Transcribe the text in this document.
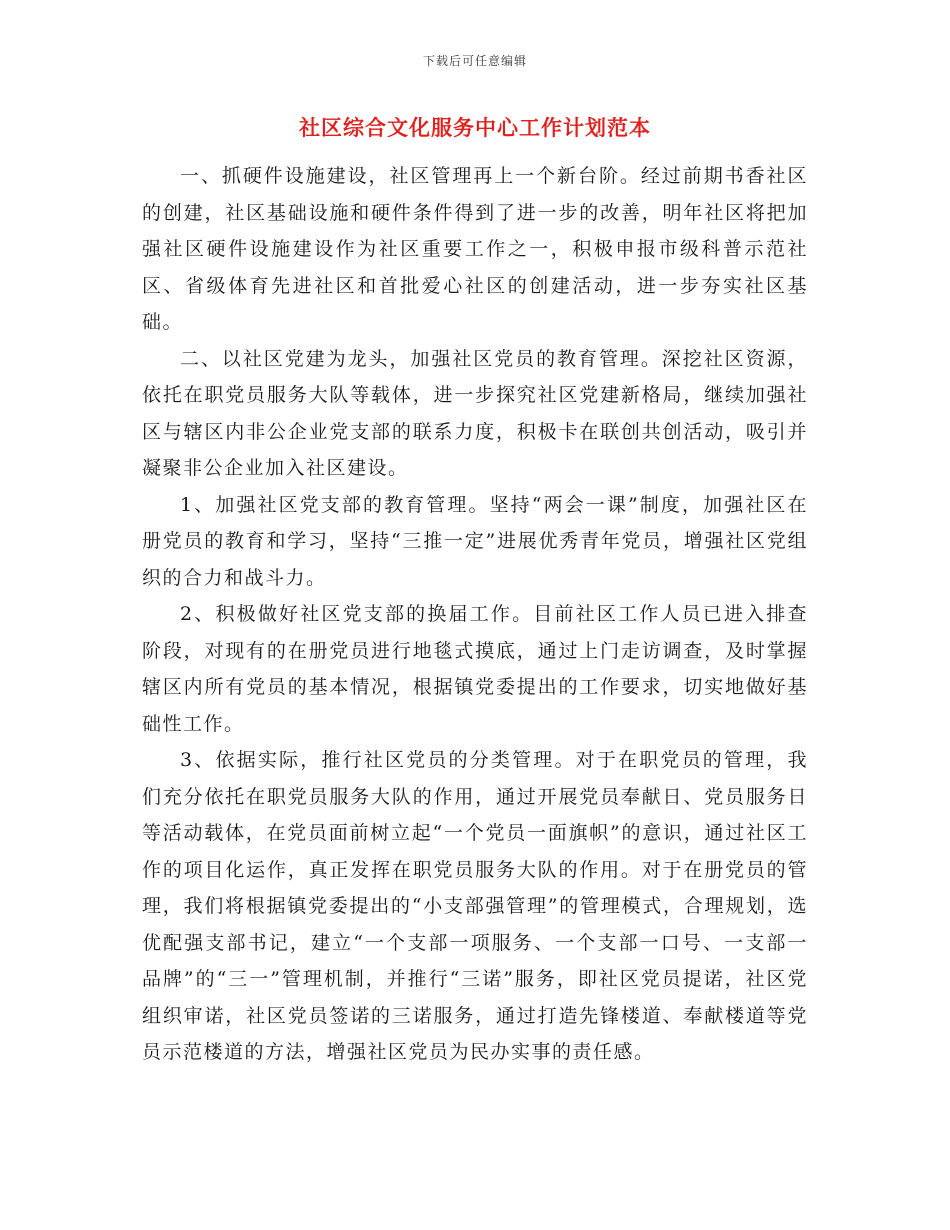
下载后可任意编辑
社区综合文化服务中心工作计划范本

一、抓硬件设施建设，社区管理再上一个新台阶。经过前期书香社区的创建，社区基础设施和硬件条件得到了进一步的改善，明年社区将把加强社区硬件设施建设作为社区重要工作之一，积极申报市级科普示范社区、省级体育先进社区和首批爱心社区的创建活动，进一步夯实社区基础。

二、以社区党建为龙头，加强社区党员的教育管理。深挖社区资源，依托在职党员服务大队等载体，进一步探究社区党建新格局，继续加强社区与辖区内非公企业党支部的联系力度，积极卡在联创共创活动，吸引并凝聚非公企业加入社区建设。

1、加强社区党支部的教育管理。坚持“两会一课”制度，加强社区在册党员的教育和学习，坚持“三推一定”进展优秀青年党员，增强社区党组织的合力和战斗力。

2、积极做好社区党支部的换届工作。目前社区工作人员已进入排查阶段，对现有的在册党员进行地毯式摸底，通过上门走访调查，及时掌握辖区内所有党员的基本情况，根据镇党委提出的工作要求，切实地做好基础性工作。

3、依据实际，推行社区党员的分类管理。对于在职党员的管理，我们充分依托在职党员服务大队的作用，通过开展党员奉献日、党员服务日等活动载体，在党员面前树立起“一个党员一面旗帜”的意识，通过社区工作的项目化运作，真正发挥在职党员服务大队的作用。对于在册党员的管理，我们将根据镇党委提出的“小支部强管理”的管理模式，合理规划，选优配强支部书记，建立“一个支部一项服务、一个支部一口号、一支部一品牌”的“三一”管理机制，并推行“三诺”服务，即社区党员提诺，社区党组织审诺，社区党员签诺的三诺服务，通过打造先锋楼道、奉献楼道等党员示范楼道的方法，增强社区党员为民办实事的责任感。
